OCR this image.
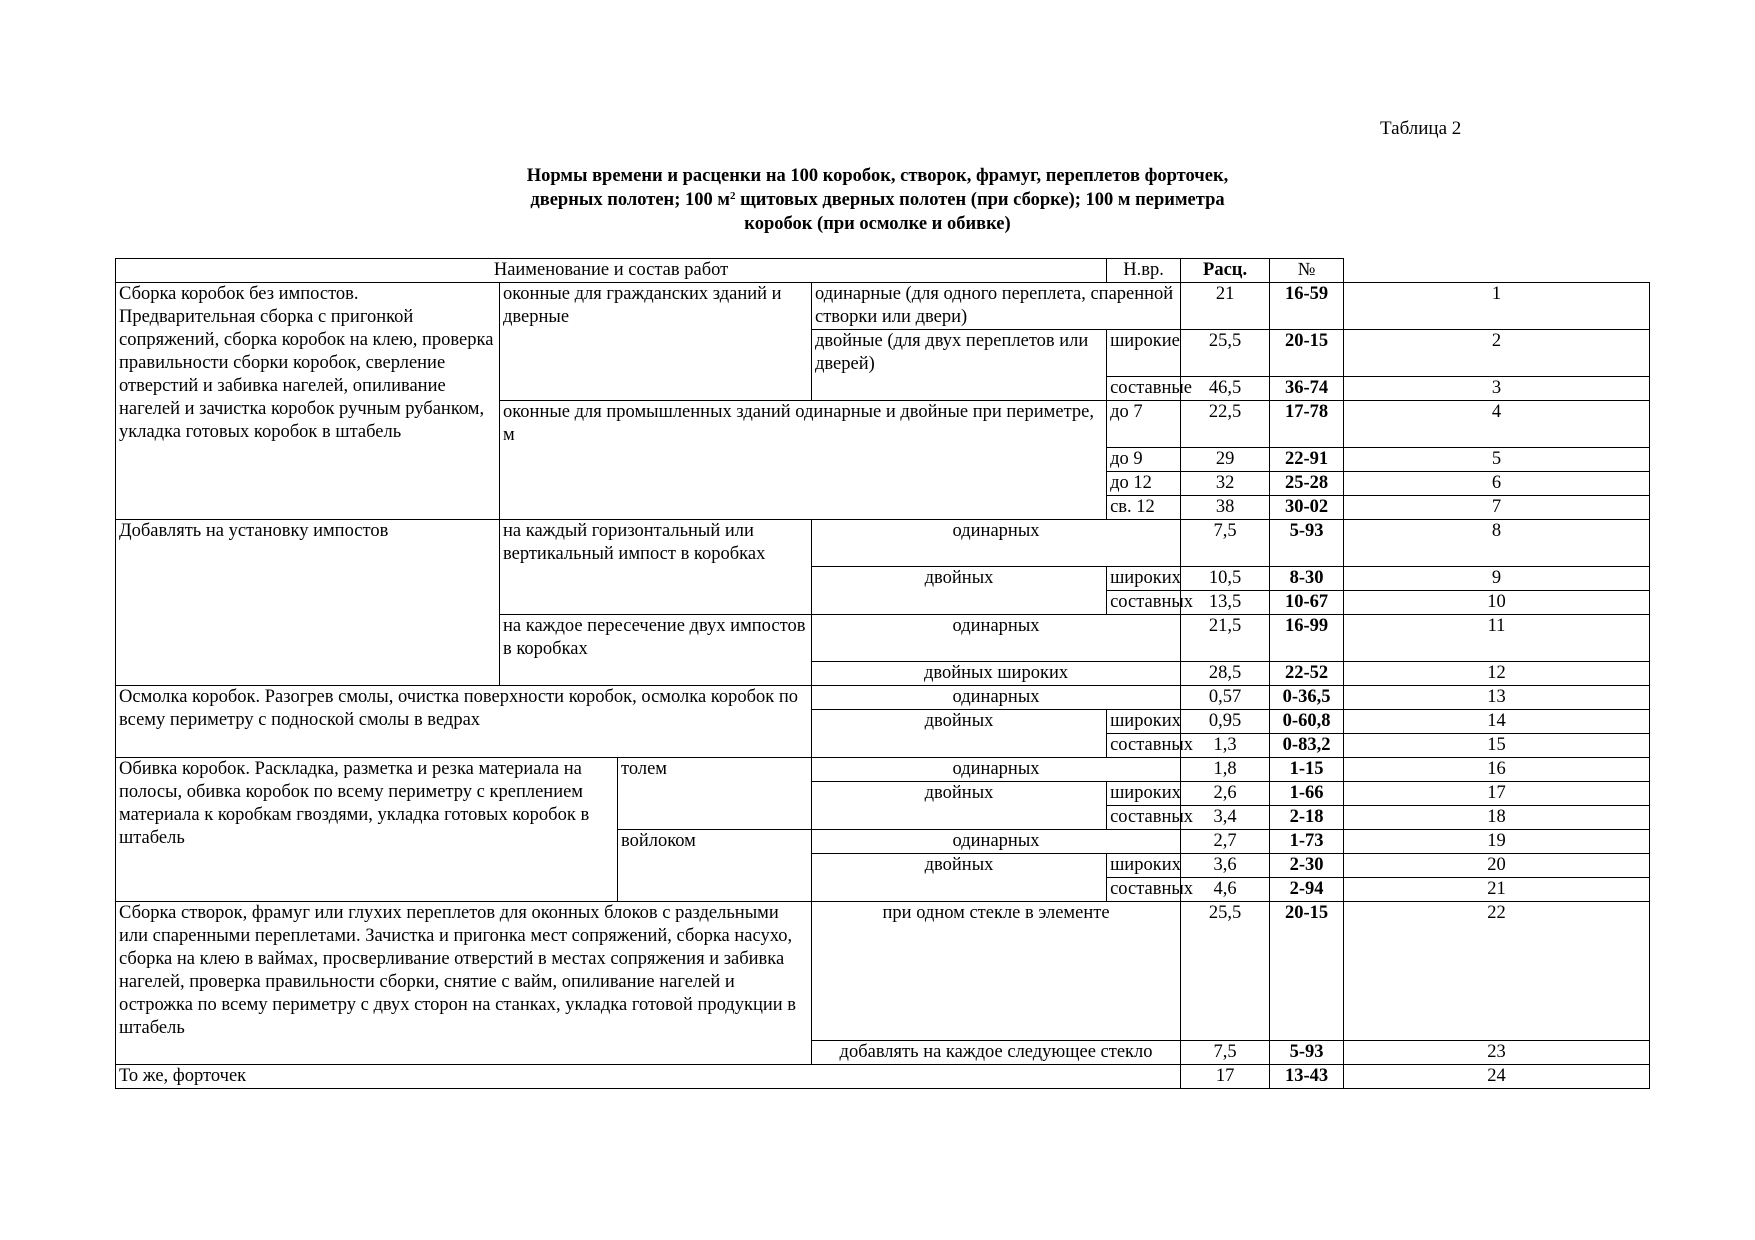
Таблица 2
Нормы времени и расценки на 100 коробок, створок, фрамуг, переплетов форточек,
дверных полотен; 100 $м^2$ щитовых дверных полотен (при сборке); 100 м периметра
коробок (при осмолке и обивке)
Наименование и состав работ				Н.вр.	Расц.	№	
Сборка коробок без импостов. Предварительная сборка с пригонкой сопряжений, сборка коробок на клею, проверка правильности сборки коробок, сверление отверстий и забивка нагелей, опиливание нагелей и зачистка коробок ручным рубанком, укладка готовых коробок в штабель	оконные для гражданских зданий и дверные		одинарные (для одного переплета, спаренной створки или двери)		21	16-59	1
			двойные (для двух переплетов или дверей)	широкие	25,5	20-15	2
				составные	46,5	36-74	3
	оконные для промышленных зданий одинарные и двойные при периметре, м			до 7	22,5	17-78	4
				до 9	29	22-91	5
				до 12	32	25-28	6
				св. 12	38	30-02	7
Добавлять на установку импостов	на каждый горизонтальный или вертикальный импост в коробках		одинарных		7,5	5-93	8
			двойных	широких	10,5	8-30	9
				составных	13,5	10-67	10
	на каждое пересечение двух импостов в коробках		одинарных		21,5	16-99	11
			двойных широких		28,5	22-52	12
Осмолка коробок. Разогрев смолы, очистка поверхности коробок, осмолка коробок по всему периметру с подноской смолы в ведрах			одинарных		0,57	0-36,5	13
			двойных	широких	0,95	0-60,8	14
				составных	1,3	0-83,2	15
Обивка коробок. Раскладка, разметка и резка материала на полосы, обивка коробок по всему периметру с креплением материала к коробкам гвоздями, укладка готовых коробок в штабель		толем	одинарных		1,8	1-15	16
			двойных	широких	2,6	1-66	17
				составных	3,4	2-18	18
		войлоком	одинарных		2,7	1-73	19
			двойных	широких	3,6	2-30	20
				составных	4,6	2-94	21
Сборка створок, фрамуг или глухих переплетов для оконных блоков с раздельными или спаренными переплетами. Зачистка и пригонка мест сопряжений, сборка насухо, сборка на клею в ваймах, просверливание отверстий в местах сопряжения и забивка нагелей, проверка правильности сборки, снятие с вайм, опиливание нагелей и острожка по всему периметру с двух сторон на станках, укладка готовой продукции в штабель			при одном стекле в элементе		25,5	20-15	22
			добавлять на каждое следующее стекло		7,5	5-93	23
То же, форточек					17	13-43	24
